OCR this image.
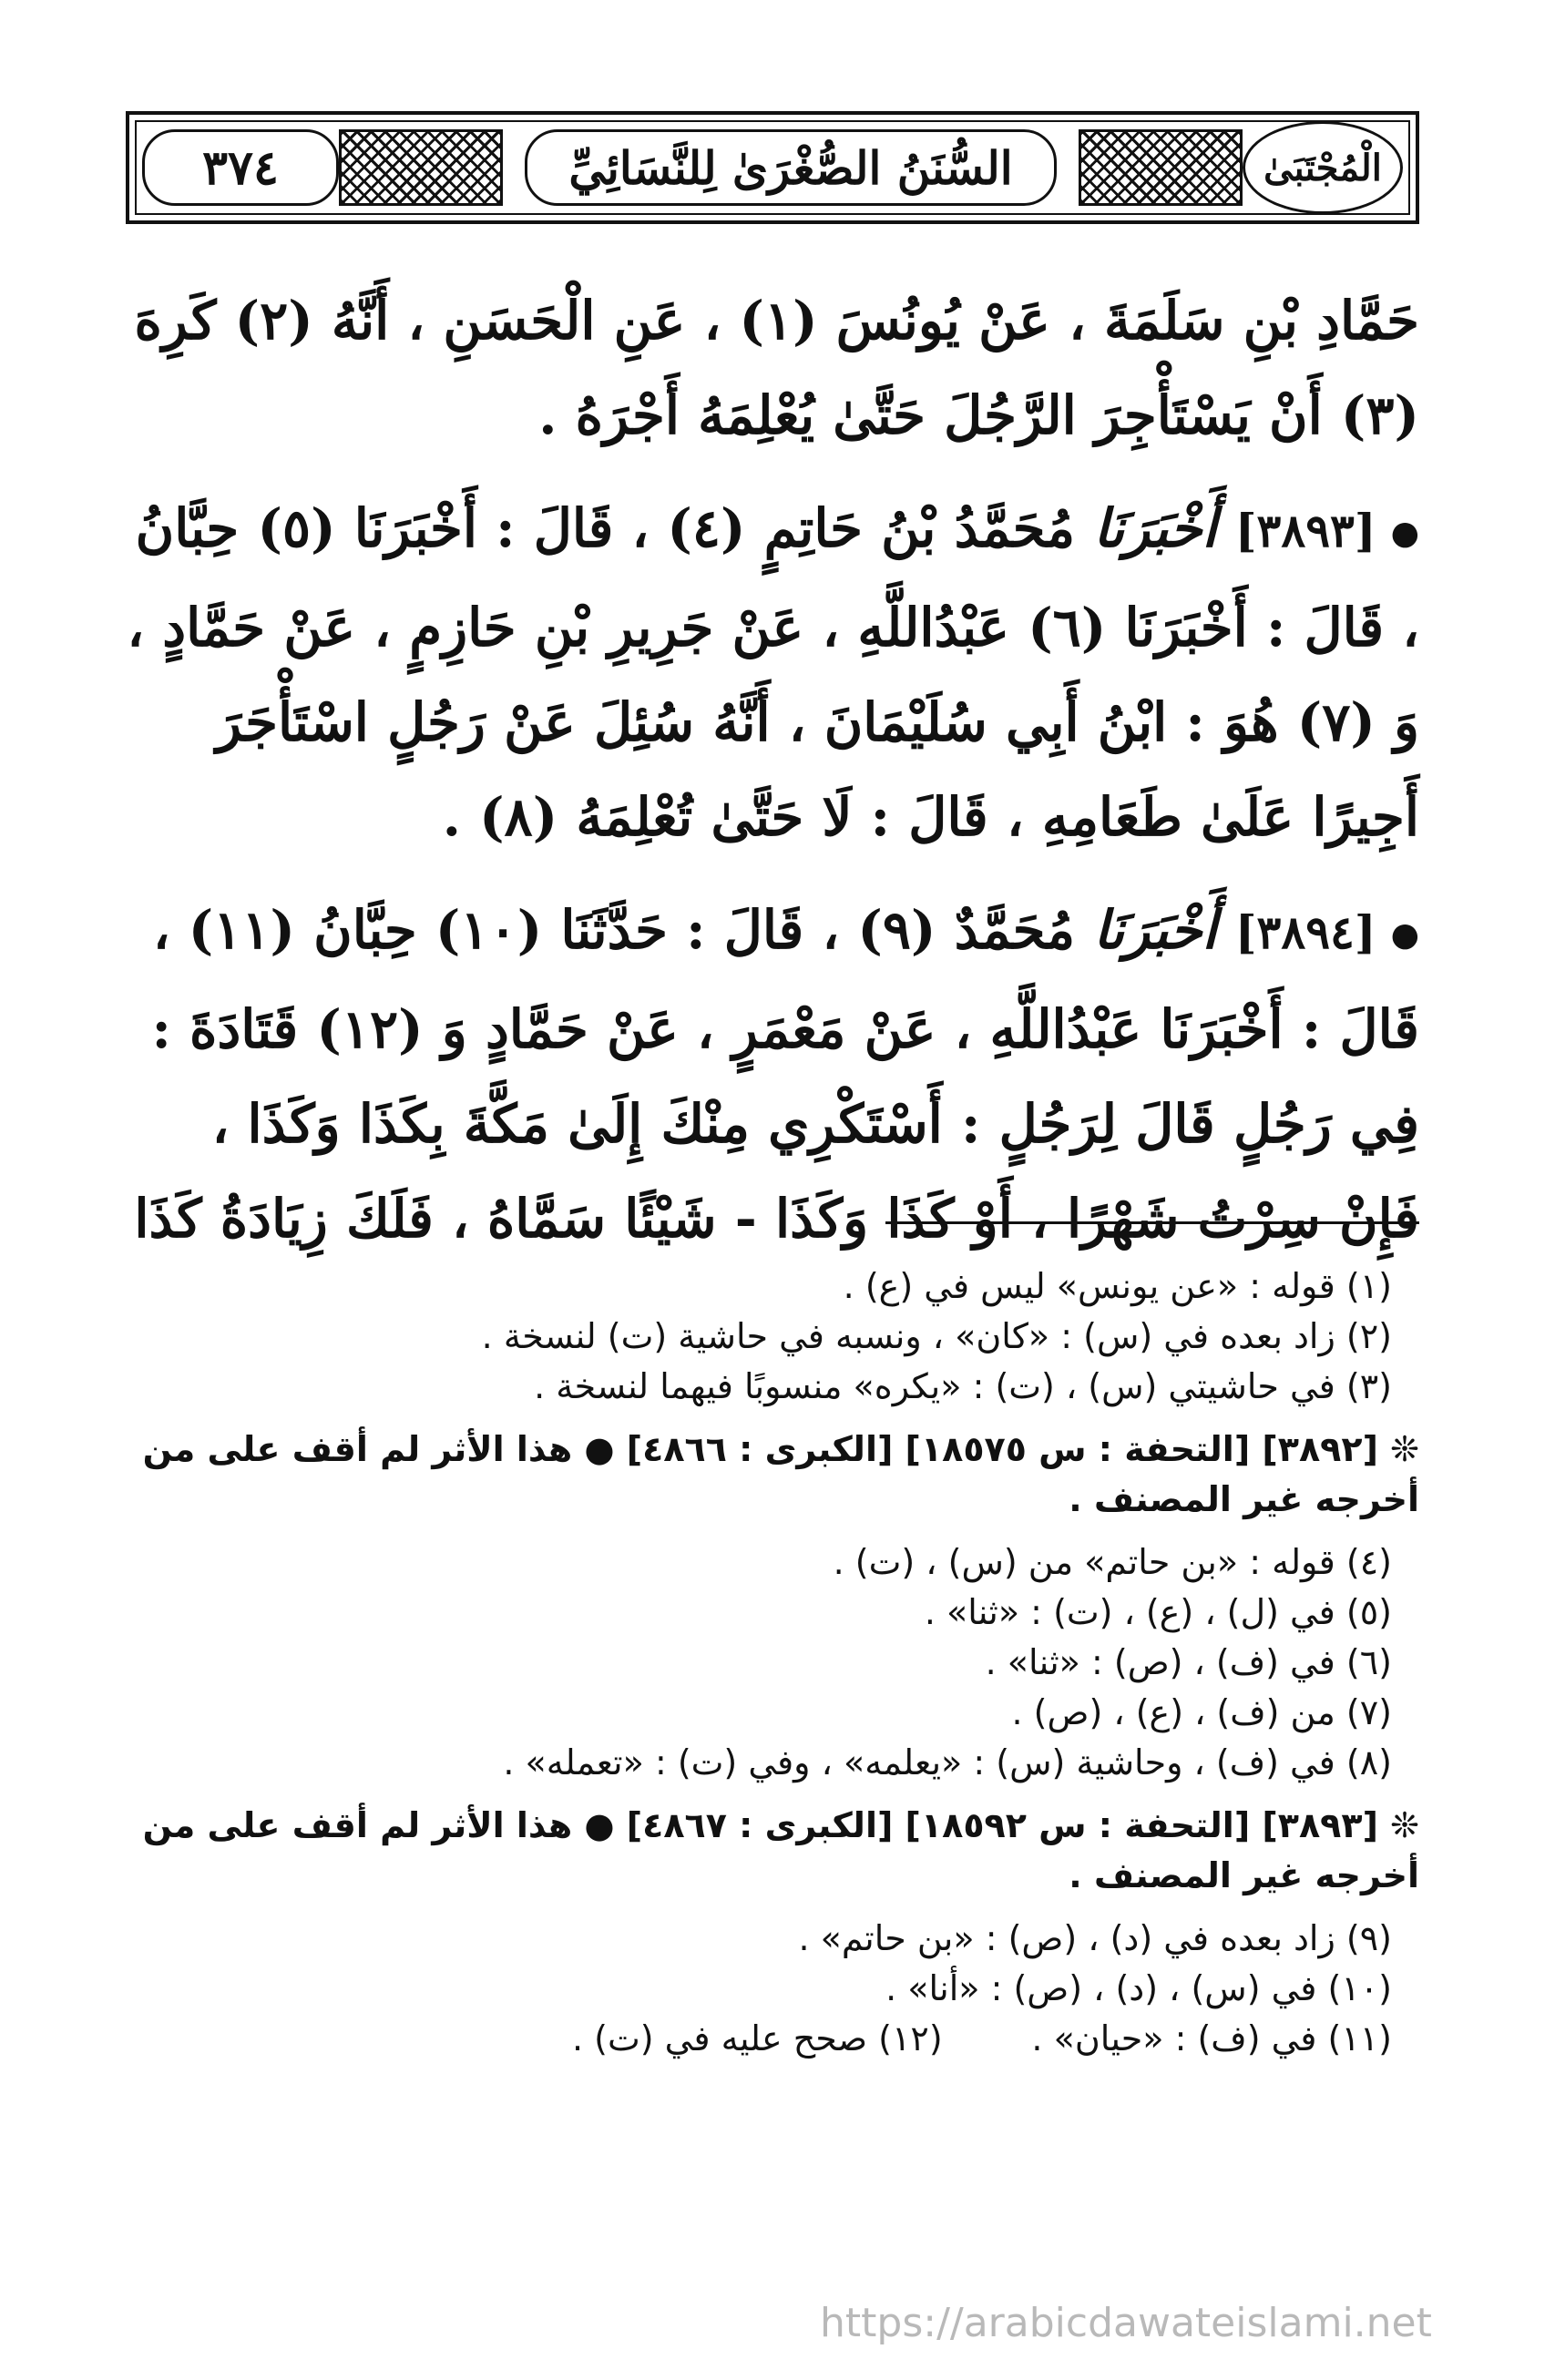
٣٧٤	السُّنَنُ الصُّغْرَىٰ لِلنَّسَائِيِّ	الْمُجْتَبَىٰ

حَمَّادِ بْنِ سَلَمَةَ ، عَنْ يُونُسَ (١) ، عَنِ الْحَسَنِ ، أَنَّهُ (٢) كَرِهَ (٣) أَنْ يَسْتَأْجِرَ الرَّجُلَ حَتَّىٰ يُعْلِمَهُ أَجْرَهُ .

●[٣٨٩٣] أَخْبَرَنَا مُحَمَّدُ بْنُ حَاتِمٍ (٤) ، قَالَ : أَخْبَرَنَا (٥) حِبَّانُ ، قَالَ : أَخْبَرَنَا (٦) عَبْدُاللَّهِ ، عَنْ جَرِيرِ بْنِ حَازِمٍ ، عَنْ حَمَّادٍ ، وَ (٧) هُوَ : ابْنُ أَبِي سُلَيْمَانَ ، أَنَّهُ سُئِلَ عَنْ رَجُلٍ اسْتَأْجَرَ أَجِيرًا عَلَىٰ طَعَامِهِ ، قَالَ : لَا حَتَّىٰ تُعْلِمَهُ (٨) .

●[٣٨٩٤] أَخْبَرَنَا مُحَمَّدٌ (٩) ، قَالَ : حَدَّثَنَا (١٠) حِبَّانُ (١١) ، قَالَ : أَخْبَرَنَا عَبْدُاللَّهِ ، عَنْ مَعْمَرٍ ، عَنْ حَمَّادٍ وَ (١٢) قَتَادَةَ : فِي رَجُلٍ قَالَ لِرَجُلٍ : أَسْتَكْرِي مِنْكَ إِلَىٰ مَكَّةَ بِكَذَا وَكَذَا ، فَإِنْ سِرْتُ شَهْرًا ، أَوْ كَذَا وَكَذَا - شَيْئًا سَمَّاهُ ، فَلَكَ زِيَادَةُ كَذَا

(١) قوله : «عن يونس» ليس في (ع) .

(٢) زاد بعده في (س) : «كان» ، ونسبه في حاشية (ت) لنسخة .

(٣) في حاشيتي (س) ، (ت) : «يكره» منسوبًا فيهما لنسخة .

❊ [٣٨٩٢] [التحفة : س ١٨٥٧٥] [الكبرى : ٤٨٦٦] ● هذا الأثر لم أقف على من أخرجه غير المصنف .

(٤) قوله : «بن حاتم» من (س) ، (ت) .

(٥) في (ل) ، (ع) ، (ت) : «ثنا» .

(٦) في (ف) ، (ص) : «ثنا» .

(٧) من (ف) ، (ع) ، (ص) .

(٨) في (ف) ، وحاشية (س) : «يعلمه» ، وفي (ت) : «تعمله» .

❊ [٣٨٩٣] [التحفة : س ١٨٥٩٢] [الكبرى : ٤٨٦٧] ● هذا الأثر لم أقف على من أخرجه غير المصنف .

(٩) زاد بعده في (د) ، (ص) : «بن حاتم» .

(١٠) في (س) ، (د) ، (ص) : «أنا» .

(١١) في (ف) : «حيان» .

(١٢) صحح عليه في (ت) .

https://arabicdawateislami.net
